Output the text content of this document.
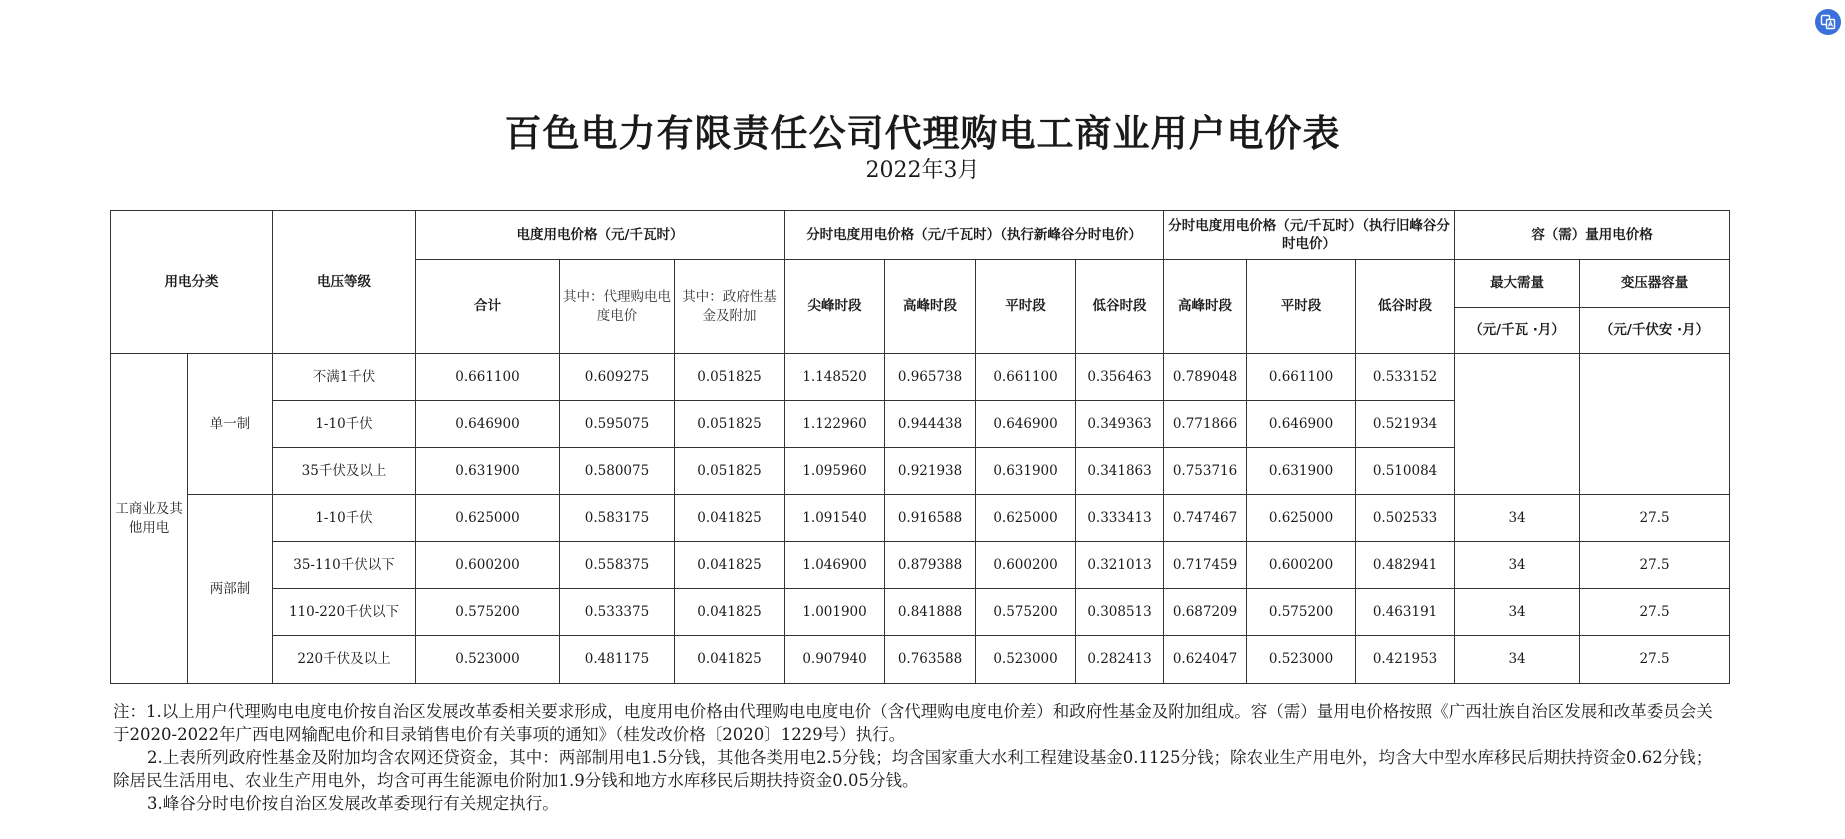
百色电力有限责任公司代理购电工商业用户电价表
2022年3月
用电分类		电压等级	电度用电价格（元/千瓦时）			分时电度用电价格（元/千瓦时）（执行新峰谷分时电价）				分时电度用电价格（元/千瓦时）（执行旧峰谷分时电价）			容（需）量用电价格	
			合计	其中：代理购电电度电价	其中：政府性基金及附加	尖峰时段	高峰时段	平时段	低谷时段	高峰时段	平时段	低谷时段	最大需量	变压器容量
													（元/千瓦 ·月）	（元/千伏安 ·月）
工商业及其他用电	单一制	不满1千伏	0.661100	0.609275	0.051825	1.148520	0.965738	0.661100	0.356463	0.789048	0.661100	0.533152		
		1-10千伏	0.646900	0.595075	0.051825	1.122960	0.944438	0.646900	0.349363	0.771866	0.646900	0.521934		
		35千伏及以上	0.631900	0.580075	0.051825	1.095960	0.921938	0.631900	0.341863	0.753716	0.631900	0.510084		
	两部制	1-10千伏	0.625000	0.583175	0.041825	1.091540	0.916588	0.625000	0.333413	0.747467	0.625000	0.502533	34	27.5
		35-110千伏以下	0.600200	0.558375	0.041825	1.046900	0.879388	0.600200	0.321013	0.717459	0.600200	0.482941	34	27.5
		110-220千伏以下	0.575200	0.533375	0.041825	1.001900	0.841888	0.575200	0.308513	0.687209	0.575200	0.463191	34	27.5
		220千伏及以上	0.523000	0.481175	0.041825	0.907940	0.763588	0.523000	0.282413	0.624047	0.523000	0.421953	34	27.5

注：1.以上用户代理购电电度电价按自治区发展改革委相关要求形成，电度用电价格由代理购电电度电价（含代理购电度电价差）和政府性基金及附加组成。容（需）量用电价格按照《广西壮族自治区发展和改革委员会关于2020-2022年广西电网输配电价和目录销售电价有关事项的通知》（桂发改价格〔2020〕1229号）执行。

2.上表所列政府性基金及附加均含农网还贷资金，其中：两部制用电1.5分钱，其他各类用电2.5分钱；均含国家重大水利工程建设基金0.1125分钱；除农业生产用电外，均含大中型水库移民后期扶持资金0.62分钱；除居民生活用电、农业生产用电外，均含可再生能源电价附加1.9分钱和地方水库移民后期扶持资金0.05分钱。

3.峰谷分时电价按自治区发展改革委现行有关规定执行。
